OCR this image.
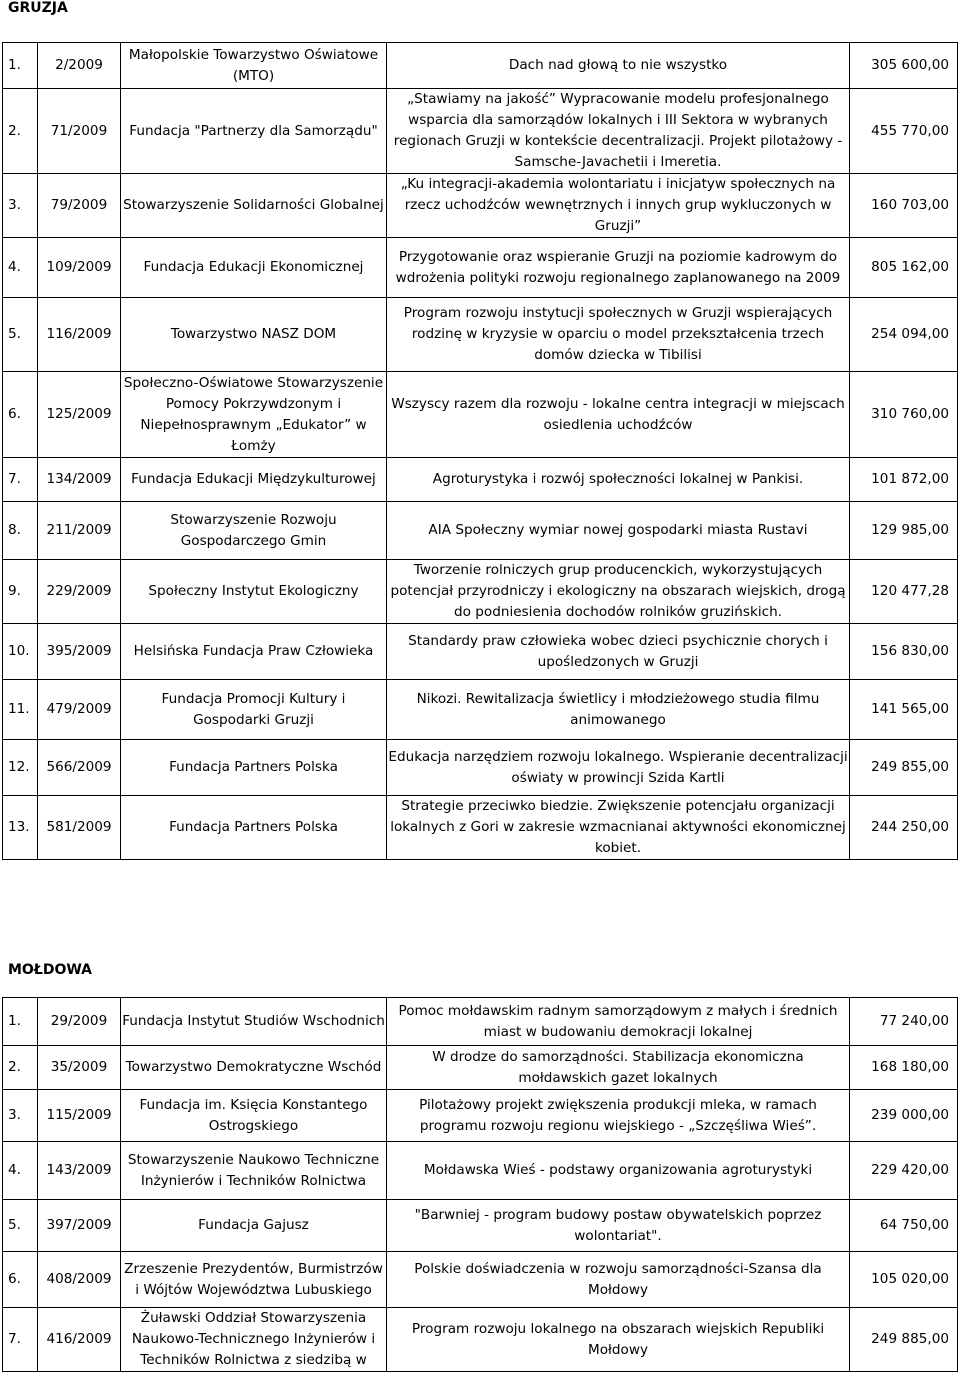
GRUZJA
1.	2/2009	Małopolskie Towarzystwo Oświatowe (MTO)	Dach nad głową to nie wszystko	305 600,00
2.	71/2009	Fundacja "Partnerzy dla Samorządu"	„Stawiamy na jakość” Wypracowanie modelu profesjonalnego wsparcia dla samorządów lokalnych i III Sektora w wybranych regionach Gruzji w kontekście decentralizacji. Projekt pilotażowy - Samsche-Javachetii i Imeretia.	455 770,00
3.	79/2009	Stowarzyszenie Solidarności Globalnej	„Ku integracji-akademia wolontariatu i inicjatyw społecznych na rzecz uchodźców wewnętrznych i innych grup wykluczonych w Gruzji”	160 703,00
4.	109/2009	Fundacja Edukacji Ekonomicznej	Przygotowanie oraz wspieranie Gruzji na poziomie kadrowym do wdrożenia polityki rozwoju regionalnego zaplanowanego na 2009	805 162,00
5.	116/2009	Towarzystwo NASZ DOM	Program rozwoju instytucji społecznych w Gruzji wspierających rodzinę w kryzysie w oparciu o model przekształcenia trzech domów dziecka w Tibilisi	254 094,00
6.	125/2009	Społeczno-Oświatowe Stowarzyszenie Pomocy Pokrzywdzonym i Niepełnosprawnym „Edukator” w Łomży	Wszyscy razem dla rozwoju - lokalne centra integracji w miejscach osiedlenia uchodźców	310 760,00
7.	134/2009	Fundacja Edukacji Międzykulturowej	Agroturystyka i rozwój społeczności lokalnej w Pankisi.	101 872,00
8.	211/2009	Stowarzyszenie Rozwoju Gospodarczego Gmin	AIA Społeczny wymiar nowej gospodarki miasta Rustavi	129 985,00
9.	229/2009	Społeczny Instytut Ekologiczny	Tworzenie rolniczych grup producenckich, wykorzystujących potencjał przyrodniczy i ekologiczny na obszarach wiejskich, drogą do podniesienia dochodów rolników gruzińskich.	120 477,28
10.	395/2009	Helsińska Fundacja Praw Człowieka	Standardy praw człowieka wobec dzieci psychicznie chorych i upośledzonych w Gruzji	156 830,00
11.	479/2009	Fundacja Promocji Kultury i Gospodarki Gruzji	Nikozi. Rewitalizacja świetlicy i młodzieżowego studia filmu animowanego	141 565,00
12.	566/2009	Fundacja Partners Polska	Edukacja narzędziem rozwoju lokalnego. Wspieranie decentralizacji oświaty w prowincji Szida Kartli	249 855,00
13.	581/2009	Fundacja Partners Polska	Strategie przeciwko biedzie. Zwiększenie potencjału organizacji lokalnych z Gori w zakresie wzmacnianai aktywności ekonomicznej kobiet.	244 250,00
MOŁDOWA
1.	29/2009	Fundacja Instytut Studiów Wschodnich	Pomoc mołdawskim radnym samorządowym z małych i średnich miast w budowaniu demokracji lokalnej	77 240,00
2.	35/2009	Towarzystwo Demokratyczne Wschód	W drodze do samorządności. Stabilizacja ekonomiczna mołdawskich gazet lokalnych	168 180,00
3.	115/2009	Fundacja im. Księcia Konstantego Ostrogskiego	Pilotażowy projekt zwiększenia produkcji mleka, w ramach programu rozwoju regionu wiejskiego - „Szczęśliwa Wieś”.	239 000,00
4.	143/2009	Stowarzyszenie Naukowo Techniczne Inżynierów i Techników Rolnictwa	Mołdawska Wieś - podstawy organizowania agroturystyki	229 420,00
5.	397/2009	Fundacja Gajusz	"Barwniej - program budowy postaw obywatelskich poprzez wolontariat".	64 750,00
6.	408/2009	Zrzeszenie Prezydentów, Burmistrzów i Wójtów Województwa Lubuskiego	Polskie doświadczenia w rozwoju samorządności-Szansa dla Mołdowy	105 020,00
7.	416/2009	Żuławski Oddział Stowarzyszenia Naukowo-Technicznego Inżynierów i Techników Rolnictwa z siedzibą w	Program rozwoju lokalnego na obszarach wiejskich Republiki Mołdowy	249 885,00
